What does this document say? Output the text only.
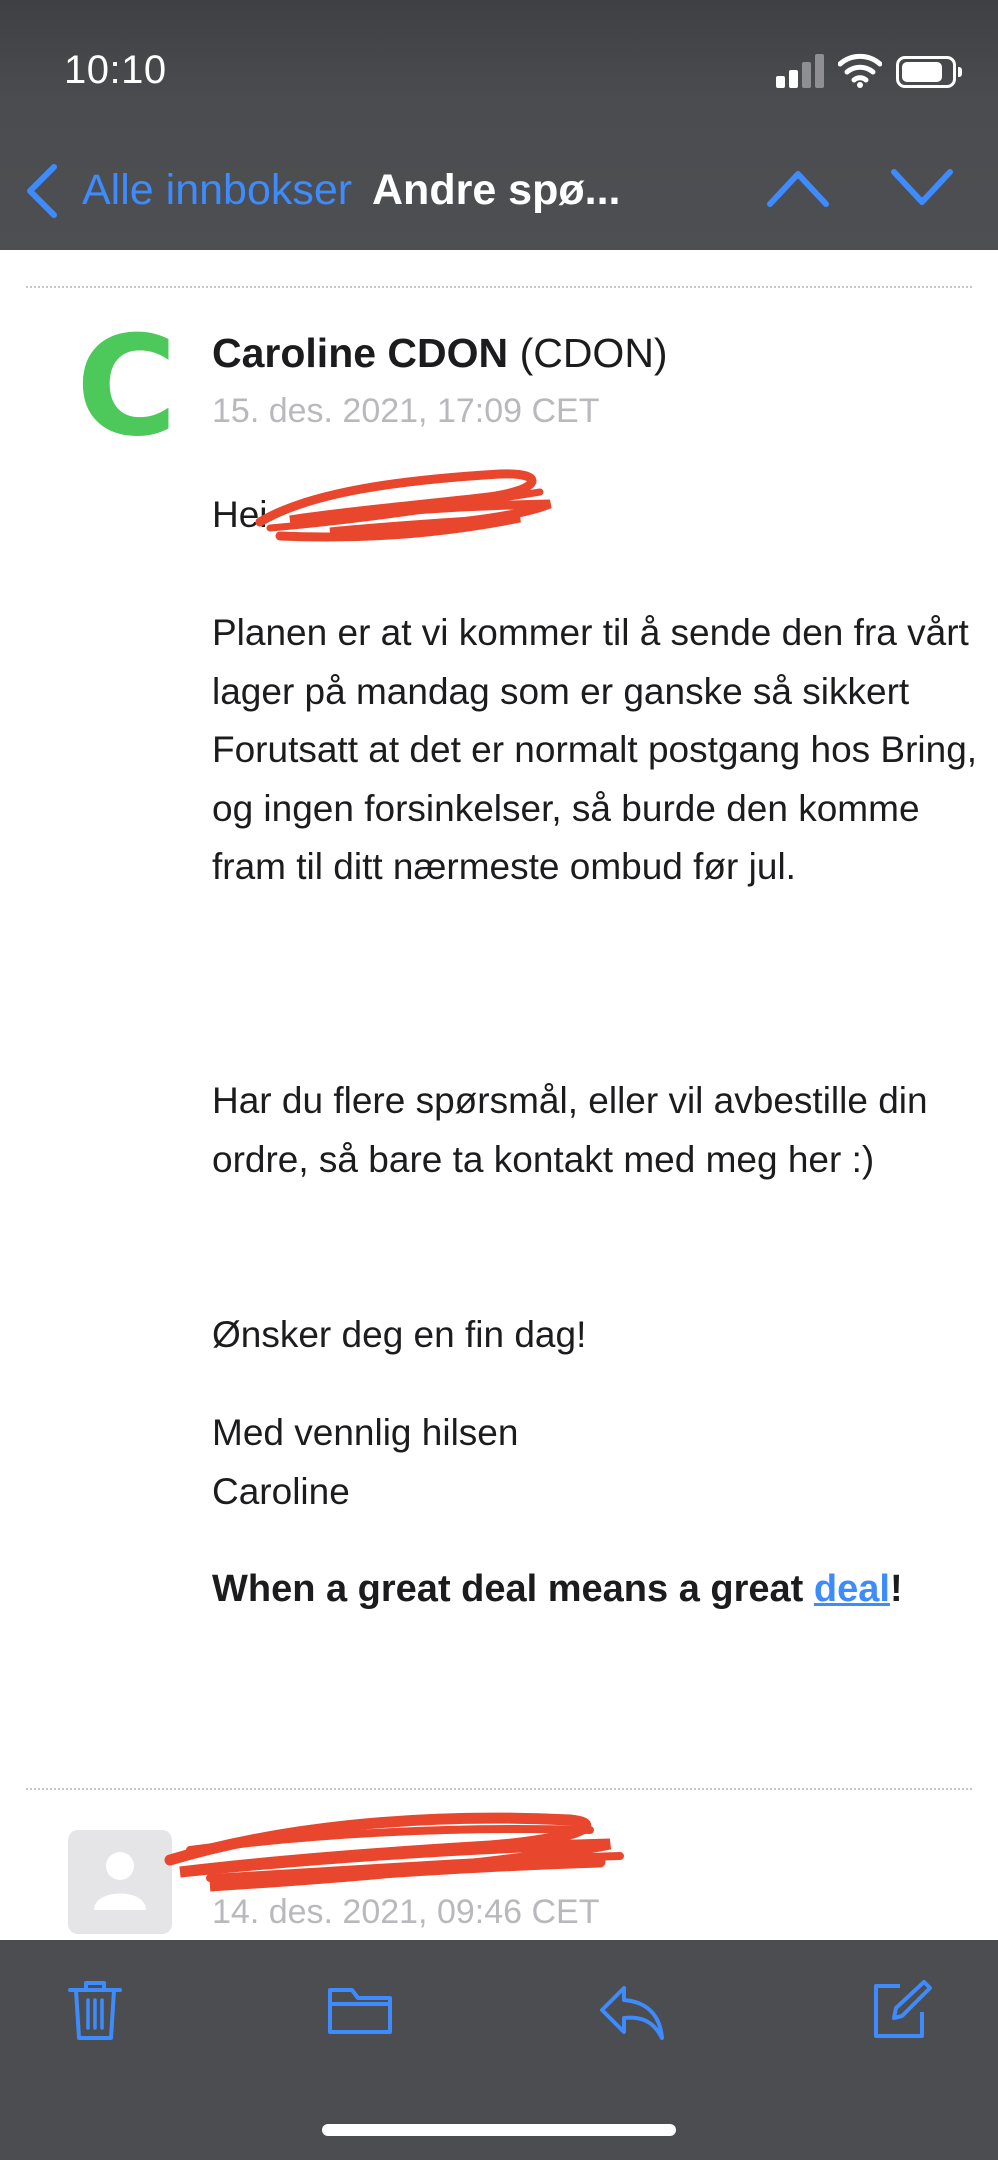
10:10
Alle innbokser Andre spø...
C Caroline CDON (CDON)
15. des. 2021, 17:09 CET
Hei
Planen er at vi kommer til å sende den fra vårt lager på mandag som er ganske så sikkert
Forutsatt at det er normalt postgang hos Bring, og ingen forsinkelser, så burde den komme fram til ditt nærmeste ombud før jul.
Har du flere spørsmål, eller vil avbestille din ordre, så bare ta kontakt med meg her :)
Ønsker deg en fin dag!
Med vennlig hilsen
Caroline
When a great deal means a great deal!
14. des. 2021, 09:46 CET
